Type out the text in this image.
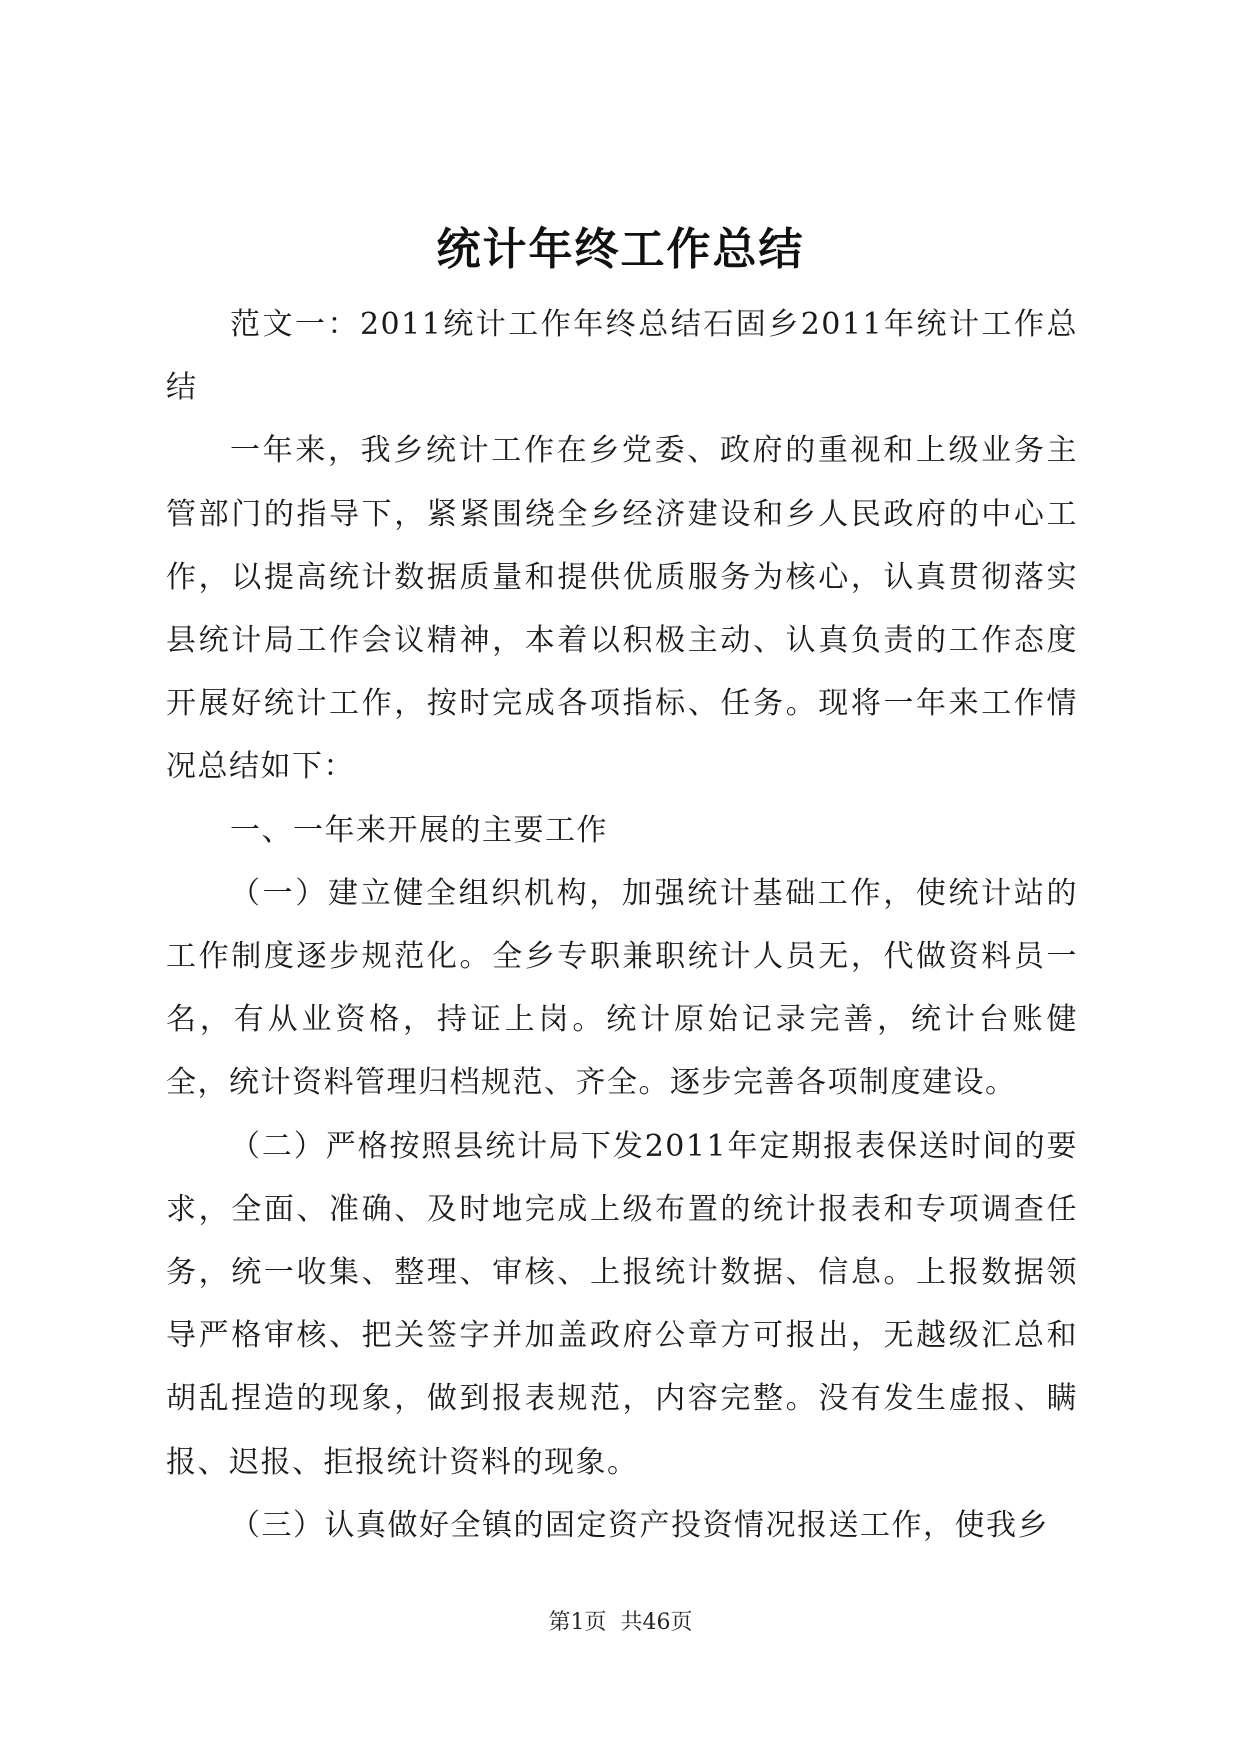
统计年终工作总结

范文一：2011统计工作年终总结石固乡2011年统计工作总结

一年来，我乡统计工作在乡党委、政府的重视和上级业务主管部门的指导下，紧紧围绕全乡经济建设和乡人民政府的中心工作，以提高统计数据质量和提供优质服务为核心，认真贯彻落实县统计局工作会议精神，本着以积极主动、认真负责的工作态度开展好统计工作，按时完成各项指标、任务。现将一年来工作情况总结如下：

一、一年来开展的主要工作

（一）建立健全组织机构，加强统计基础工作，使统计站的工作制度逐步规范化。全乡专职兼职统计人员无，代做资料员一名，有从业资格，持证上岗。统计原始记录完善，统计台账健全，统计资料管理归档规范、齐全。逐步完善各项制度建设。

（二）严格按照县统计局下发2011年定期报表保送时间的要求，全面、准确、及时地完成上级布置的统计报表和专项调查任务，统一收集、整理、审核、上报统计数据、信息。上报数据领导严格审核、把关签字并加盖政府公章方可报出，无越级汇总和胡乱捏造的现象，做到报表规范，内容完整。没有发生虚报、瞒报、迟报、拒报统计资料的现象。

（三）认真做好全镇的固定资产投资情况报送工作，使我乡

第1页  共46页
